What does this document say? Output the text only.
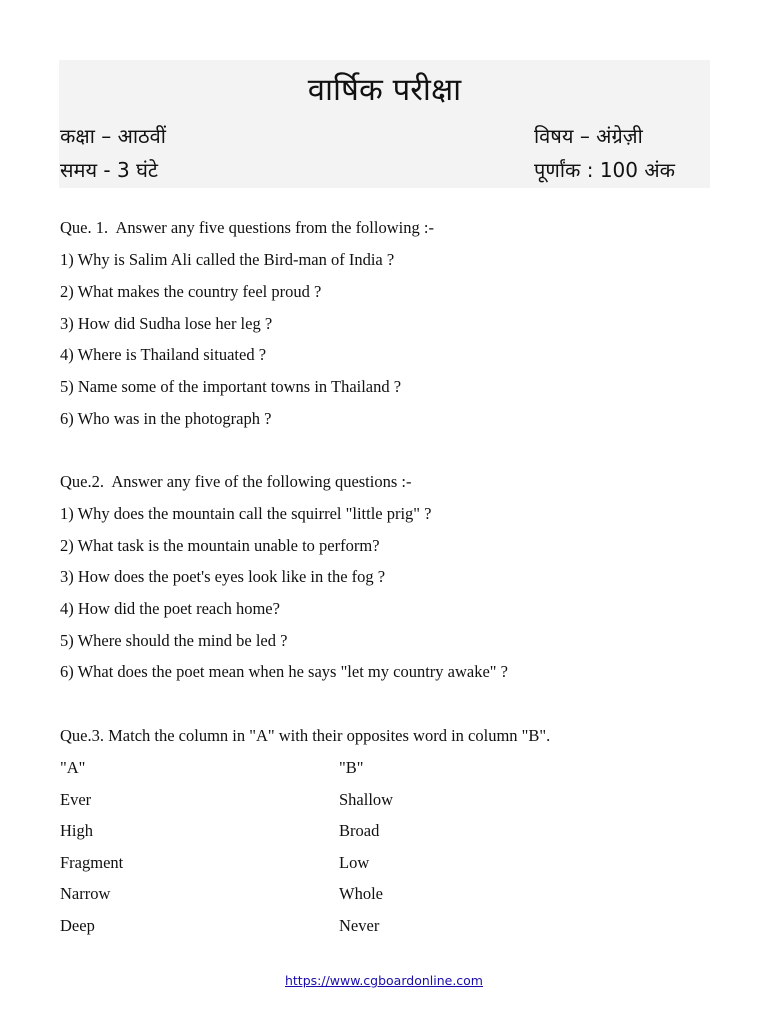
वार्षिक परीक्षा
कक्षा – आठवीं	विषय – अंग्रेज़ी
समय - 3 घंटे	पूर्णांक : 100 अंक
Que. 1.  Answer any five questions from the following :-
1) Why is Salim Ali called the Bird-man of India ?
2) What makes the country feel proud ?
3) How did Sudha lose her leg ?
4) Where is Thailand situated ?
5) Name some of the important towns in Thailand ?
6) Who was in the photograph ?
Que.2.  Answer any five of the following questions :-
1) Why does the mountain call the squirrel "little prig" ?
2) What task is the mountain unable to perform?
3) How does the poet's eyes look like in the fog ?
4) How did the poet reach home?
5) Where should the mind be led ?
6) What does the poet mean when he says "let my country awake" ?
Que.3. Match the column in "A" with their opposites word in column "B".
"A"	"B"
Ever	Shallow
High	Broad
Fragment	Low
Narrow	Whole
Deep	Never
https://www.cgboardonline.com
